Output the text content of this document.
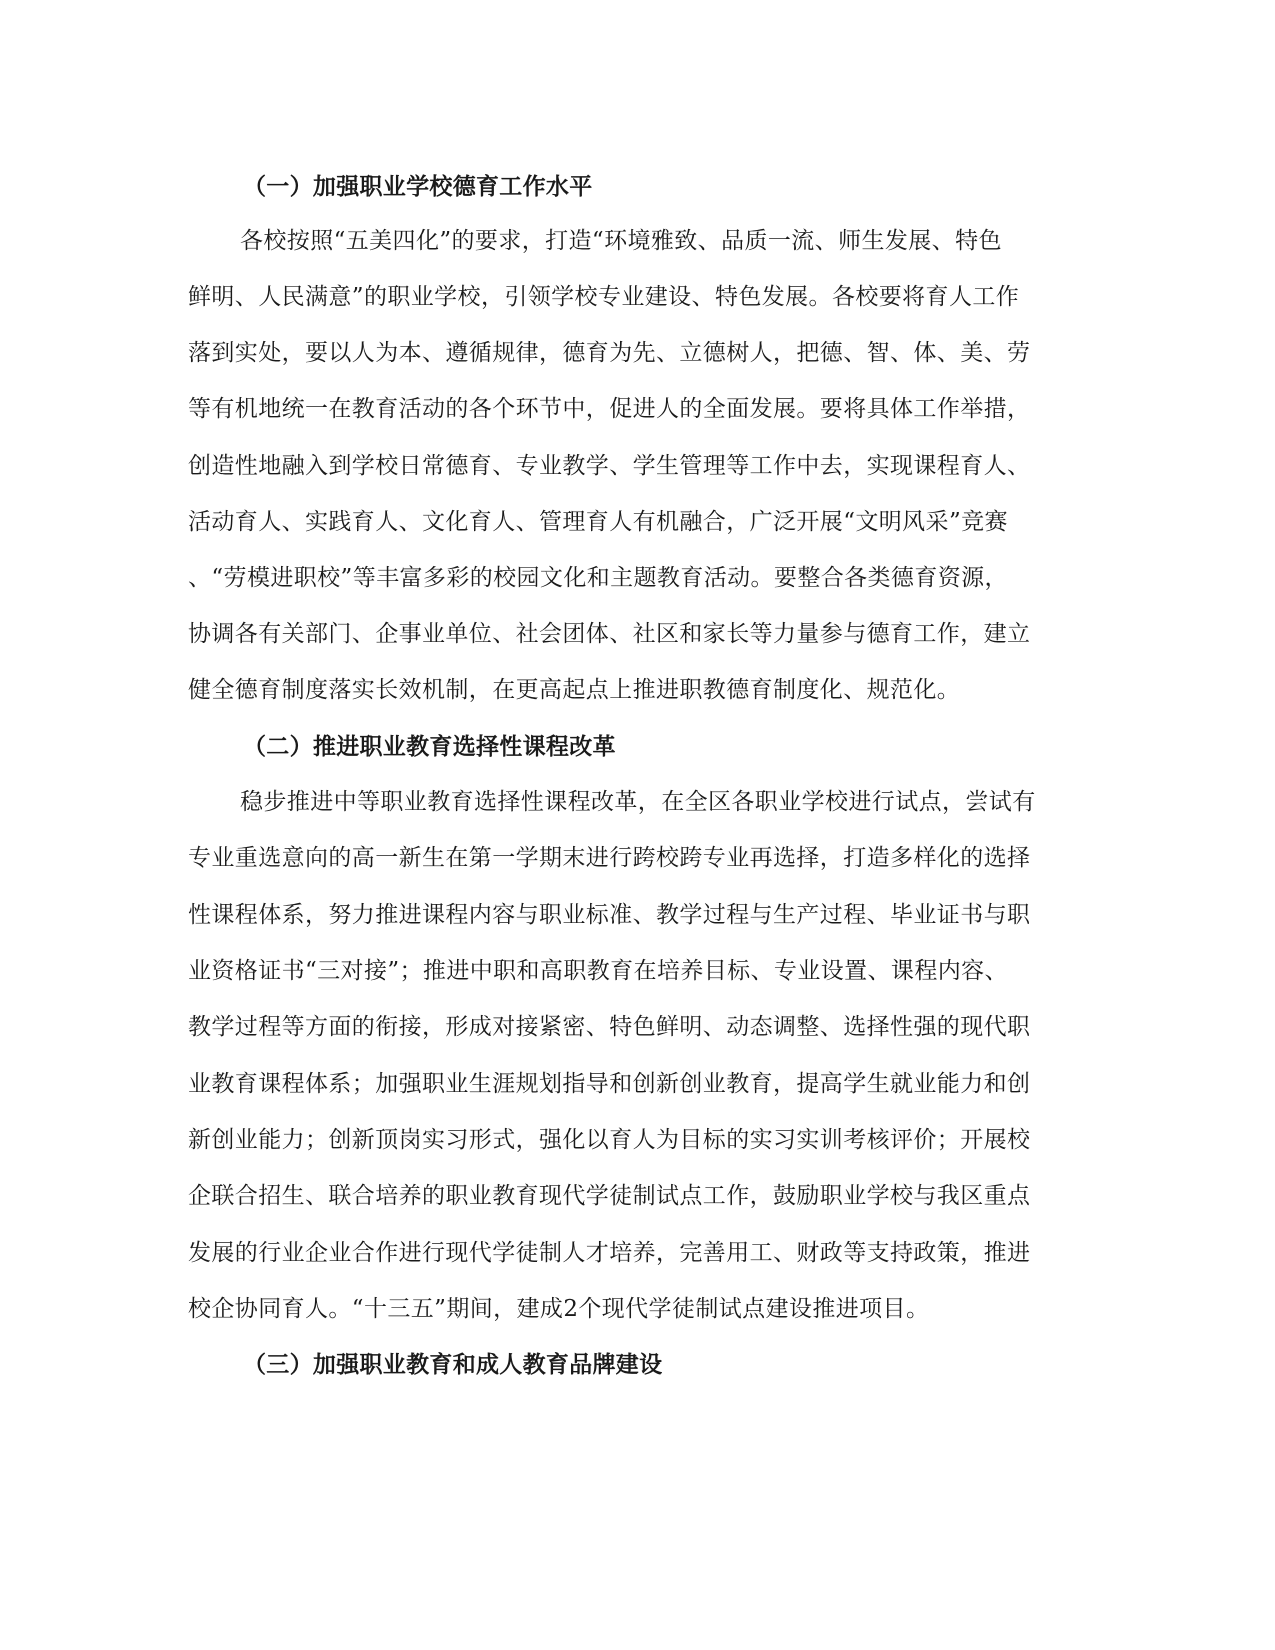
（一）加强职业学校德育工作水平

各校按照“五美四化”的要求，打造“环境雅致、品质一流、师生发展、特色

鲜明、人民满意”的职业学校，引领学校专业建设、特色发展。各校要将育人工作

落到实处，要以人为本、遵循规律，德育为先、立德树人，把德、智、体、美、劳

等有机地统一在教育活动的各个环节中，促进人的全面发展。要将具体工作举措，

创造性地融入到学校日常德育、专业教学、学生管理等工作中去，实现课程育人、

活动育人、实践育人、文化育人、管理育人有机融合，广泛开展“文明风采”竞赛

、“劳模进职校”等丰富多彩的校园文化和主题教育活动。要整合各类德育资源，

协调各有关部门、企事业单位、社会团体、社区和家长等力量参与德育工作，建立

健全德育制度落实长效机制，在更高起点上推进职教德育制度化、规范化。

（二）推进职业教育选择性课程改革

稳步推进中等职业教育选择性课程改革，在全区各职业学校进行试点，尝试有

专业重选意向的高一新生在第一学期末进行跨校跨专业再选择，打造多样化的选择

性课程体系，努力推进课程内容与职业标准、教学过程与生产过程、毕业证书与职

业资格证书“三对接”；推进中职和高职教育在培养目标、专业设置、课程内容、

教学过程等方面的衔接，形成对接紧密、特色鲜明、动态调整、选择性强的现代职

业教育课程体系；加强职业生涯规划指导和创新创业教育，提高学生就业能力和创

新创业能力；创新顶岗实习形式，强化以育人为目标的实习实训考核评价；开展校

企联合招生、联合培养的职业教育现代学徒制试点工作，鼓励职业学校与我区重点

发展的行业企业合作进行现代学徒制人才培养，完善用工、财政等支持政策，推进

校企协同育人。“十三五”期间，建成2个现代学徒制试点建设推进项目。

（三）加强职业教育和成人教育品牌建设
